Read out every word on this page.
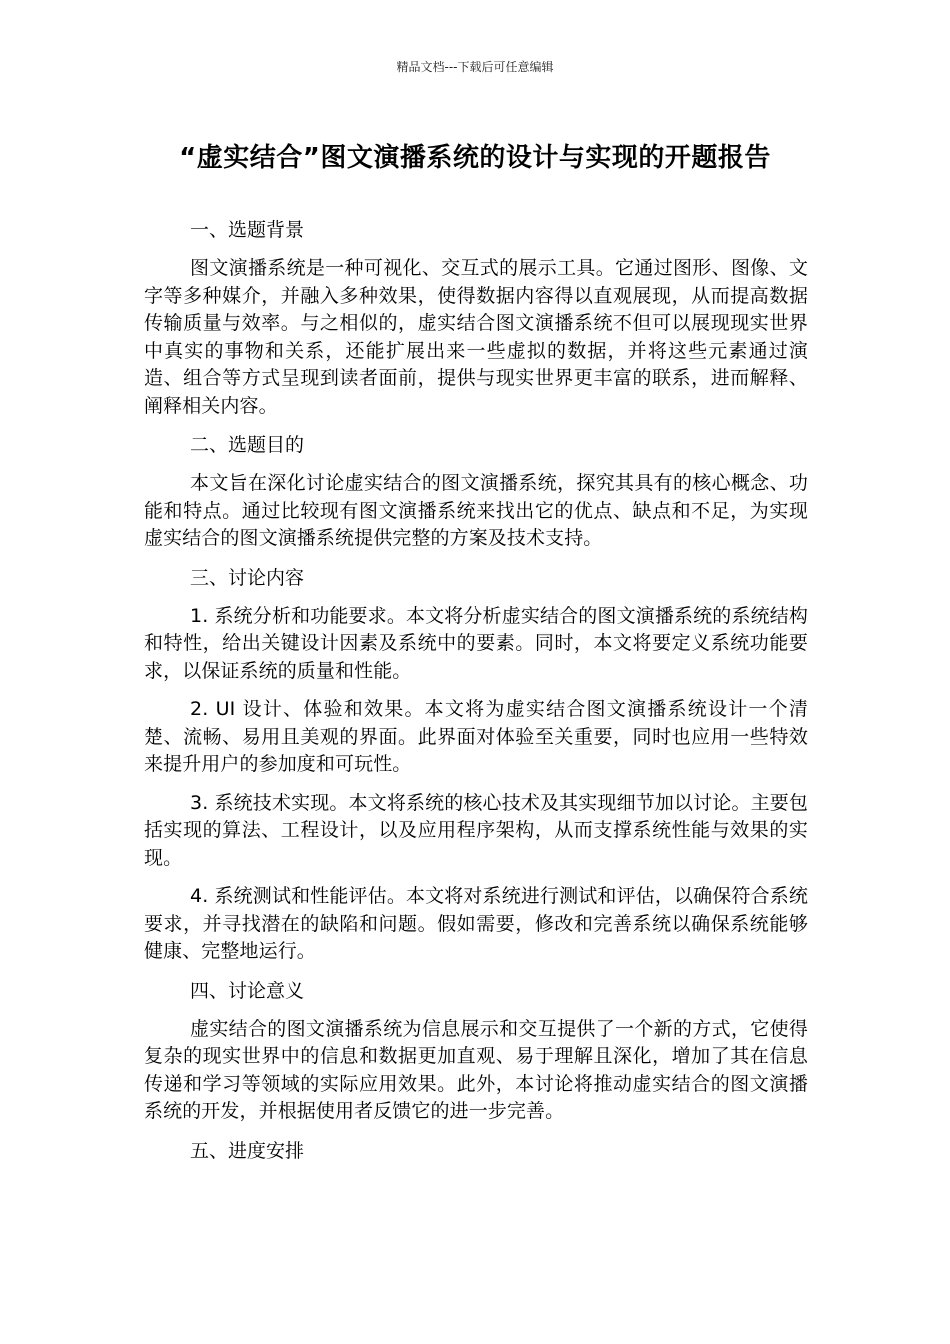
精品文档---下载后可任意编辑
“虚实结合”图文演播系统的设计与实现的开题报告
一、选题背景
图文演播系统是一种可视化、交互式的展示工具。它通过图形、图像、文字等多种媒介，并融入多种效果，使得数据内容得以直观展现，从而提高数据传输质量与效率。与之相似的，虚实结合图文演播系统不但可以展现现实世界中真实的事物和关系，还能扩展出来一些虚拟的数据，并将这些元素通过演造、组合等方式呈现到读者面前，提供与现实世界更丰富的联系，进而解释、阐释相关内容。
二、选题目的
本文旨在深化讨论虚实结合的图文演播系统，探究其具有的核心概念、功能和特点。通过比较现有图文演播系统来找出它的优点、缺点和不足，为实现虚实结合的图文演播系统提供完整的方案及技术支持。
三、讨论内容
1. 系统分析和功能要求。本文将分析虚实结合的图文演播系统的系统结构和特性，给出关键设计因素及系统中的要素。同时，本文将要定义系统功能要求，以保证系统的质量和性能。
2. UI 设计、体验和效果。本文将为虚实结合图文演播系统设计一个清楚、流畅、易用且美观的界面。此界面对体验至关重要，同时也应用一些特效来提升用户的参加度和可玩性。
3. 系统技术实现。本文将系统的核心技术及其实现细节加以讨论。主要包括实现的算法、工程设计，以及应用程序架构，从而支撑系统性能与效果的实现。
4. 系统测试和性能评估。本文将对系统进行测试和评估，以确保符合系统要求，并寻找潜在的缺陷和问题。假如需要，修改和完善系统以确保系统能够健康、完整地运行。
四、讨论意义
虚实结合的图文演播系统为信息展示和交互提供了一个新的方式，它使得复杂的现实世界中的信息和数据更加直观、易于理解且深化，增加了其在信息传递和学习等领域的实际应用效果。此外，本讨论将推动虚实结合的图文演播系统的开发，并根据使用者反馈它的进一步完善。
五、进度安排
